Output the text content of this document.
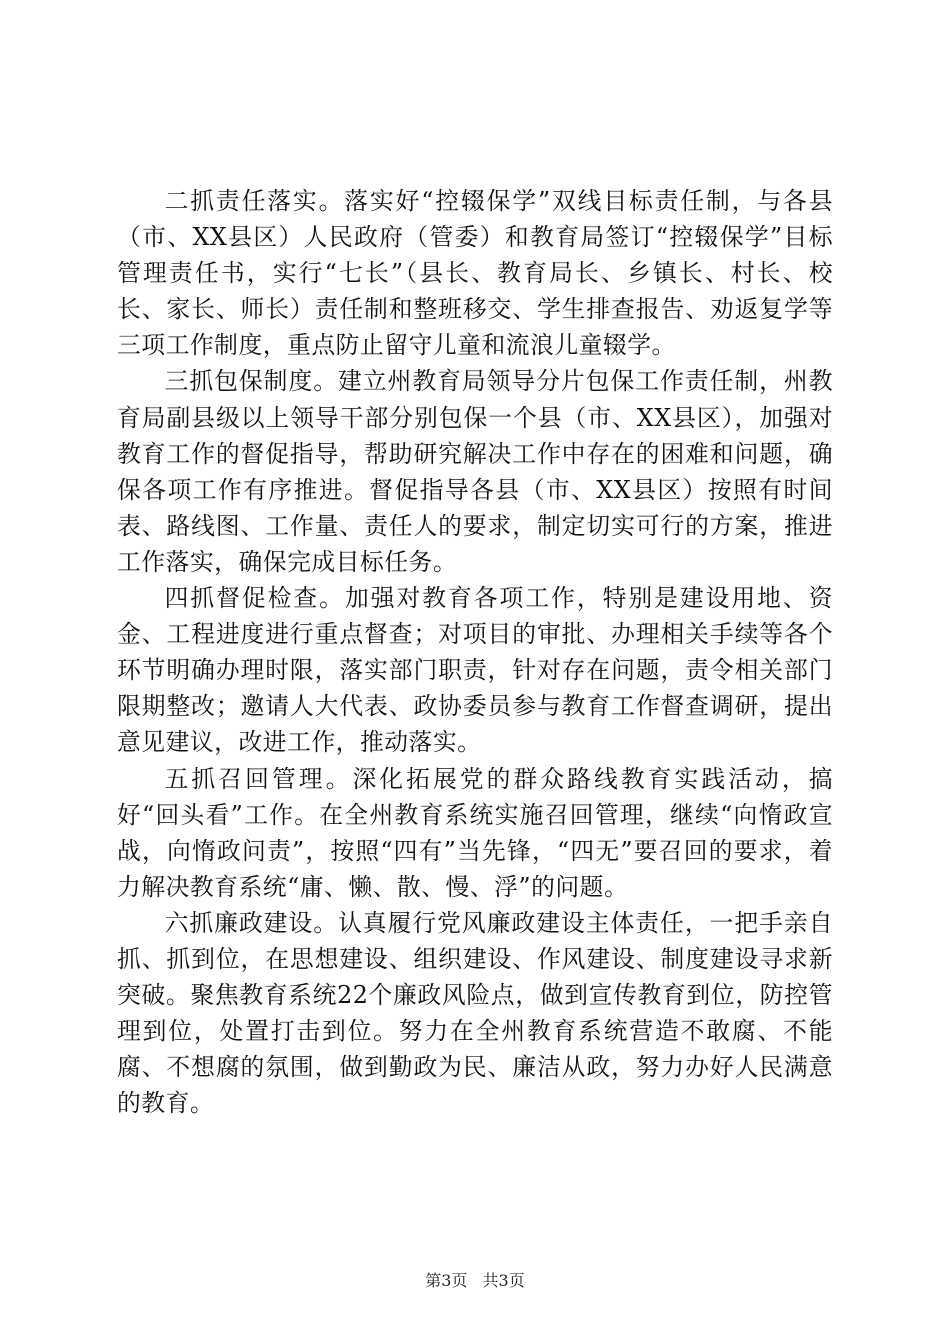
二抓责任落实。落实好“控辍保学”双线目标责任制，与各县（市、XX县区）人民政府（管委）和教育局签订“控辍保学”目标管理责任书，实行“七长”（县长、教育局长、乡镇长、村长、校长、家长、师长）责任制和整班移交、学生排查报告、劝返复学等三项工作制度，重点防止留守儿童和流浪儿童辍学。

三抓包保制度。建立州教育局领导分片包保工作责任制，州教育局副县级以上领导干部分别包保一个县（市、XX县区），加强对教育工作的督促指导，帮助研究解决工作中存在的困难和问题，确保各项工作有序推进。督促指导各县（市、XX县区）按照有时间表、路线图、工作量、责任人的要求，制定切实可行的方案，推进工作落实，确保完成目标任务。

四抓督促检查。加强对教育各项工作，特别是建设用地、资金、工程进度进行重点督查；对项目的审批、办理相关手续等各个环节明确办理时限，落实部门职责，针对存在问题，责令相关部门限期整改；邀请人大代表、政协委员参与教育工作督查调研，提出意见建议，改进工作，推动落实。

五抓召回管理。深化拓展党的群众路线教育实践活动，搞好“回头看”工作。在全州教育系统实施召回管理，继续“向惰政宣战，向惰政问责”，按照“四有”当先锋，“四无”要召回的要求，着力解决教育系统“庸、懒、散、慢、浮”的问题。

六抓廉政建设。认真履行党风廉政建设主体责任，一把手亲自抓、抓到位，在思想建设、组织建设、作风建设、制度建设寻求新突破。聚焦教育系统22个廉政风险点，做到宣传教育到位，防控管理到位，处置打击到位。努力在全州教育系统营造不敢腐、不能腐、不想腐的氛围，做到勤政为民、廉洁从政，努力办好人民满意的教育。

第3页 共3页
